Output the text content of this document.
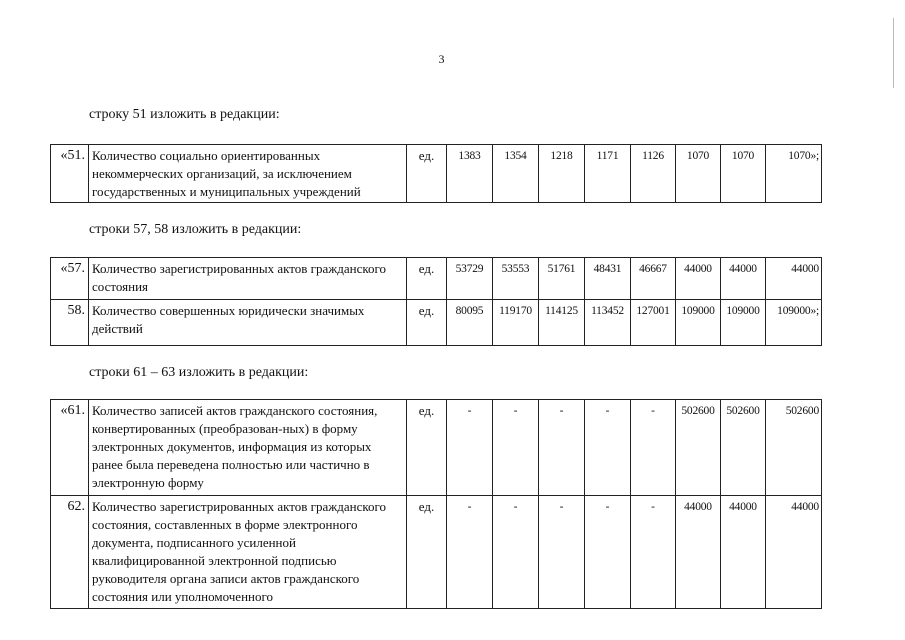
3
строку 51 изложить в редакции:
«51.	Количество социально ориентированных некоммерческих организаций, за исключением государственных и муниципальных учреждений	ед.	1383	1354	1218	1171	1126	1070	1070	1070»;
строки 57, 58 изложить в редакции:
«57.	Количество зарегистрированных актов гражданского состояния	ед.	53729	53553	51761	48431	46667	44000	44000	44000
58.	Количество совершенных юридически значимых действий	ед.	80095	119170	114125	113452	127001	109000	109000	109000»;
строки 61 – 63 изложить в редакции:
«61.	Количество записей актов гражданского состояния, конвертированных (преобразован-ных) в форму электронных документов, информация из которых ранее была переведена полностью или частично в электронную форму	ед.	-	-	-	-	-	502600	502600	502600
62.	Количество зарегистрированных актов гражданского состояния, составленных в форме электронного документа, подписанного усиленной квалифицированной электронной подписью руководителя органа записи актов гражданского состояния или уполномоченного	ед.	-	-	-	-	-	44000	44000	44000
